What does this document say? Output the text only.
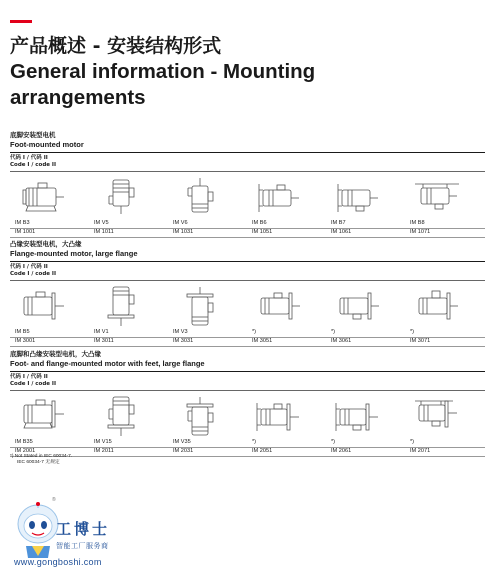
产品概述 - 安装结构形式
General information - Mounting
arrangements
底脚安装型电机
Foot-mounted motor
代码 I / 代码 II
Code I / code II
IM B3
IM 1001
IM V5
IM 1011
IM V6
IM 1031
IM B6
IM 1051
IM B7
IM 1061
IM B8
IM 1071
凸缘安装型电机，大凸缘
Flange-mounted motor, large flange
代码 I / 代码 II
Code I / code II
IM B5
IM 3001
IM V1
IM 3011
IM V3
IM 3031
*)
IM 3051
*)
IM 3061
*)
IM 3071
底脚和凸缘安装型电机，大凸缘
Foot- and flange-mounted motor with feet, large flange
代码 I / 代码 II
Code I / code II
IM B35
IM 2001
IM V15
IM 2011
IM V35
IM 2031
*)
IM 2051
*)
IM 2061
*)
IM 2071
*) Not Stated in IEC 60034-7.
IEC 60034-7 无规定
®
工博士
智能工厂服务商
www.gongboshi.com
